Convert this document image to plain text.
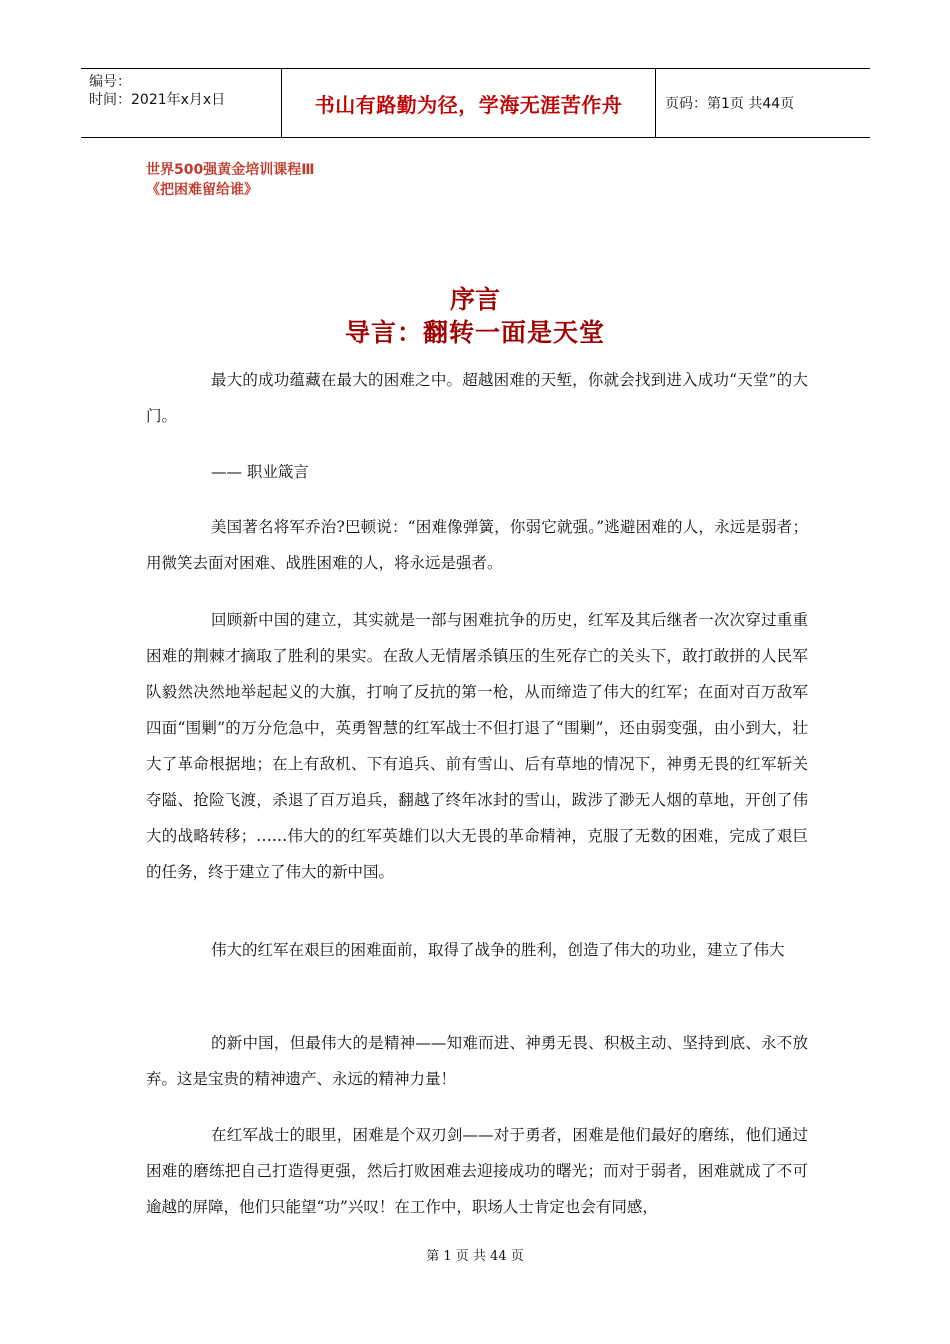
编号：
时间：2021年x月x日	书山有路勤为径，学海无涯苦作舟	页码：第1页 共44页
世界500强黄金培训课程Ⅲ
《把困难留给谁》
序言
导言：翻转一面是天堂
最大的成功蕴藏在最大的困难之中。超越困难的天堑，你就会找到进入成功“天堂”的大门。
—— 职业箴言
美国著名将军乔治?巴顿说：“困难像弹簧，你弱它就强。”逃避困难的人，永远是弱者；用微笑去面对困难、战胜困难的人，将永远是强者。
回顾新中国的建立，其实就是一部与困难抗争的历史，红军及其后继者一次次穿过重重困难的荆棘才摘取了胜利的果实。在敌人无情屠杀镇压的生死存亡的关头下，敢打敢拼的人民军队毅然决然地举起起义的大旗，打响了反抗的第一枪，从而缔造了伟大的红军；在面对百万敌军四面“围剿”的万分危急中，英勇智慧的红军战士不但打退了“围剿”，还由弱变强，由小到大，壮大了革命根据地；在上有敌机、下有追兵、前有雪山、后有草地的情况下，神勇无畏的红军斩关夺隘、抢险飞渡，杀退了百万追兵，翻越了终年冰封的雪山，跋涉了渺无人烟的草地，开创了伟大的战略转移；……伟大的的红军英雄们以大无畏的革命精神，克服了无数的困难，完成了艰巨的任务，终于建立了伟大的新中国。
伟大的红军在艰巨的困难面前，取得了战争的胜利，创造了伟大的功业，建立了伟大
的新中国，但最伟大的是精神——知难而进、神勇无畏、积极主动、坚持到底、永不放弃。这是宝贵的精神遗产、永远的精神力量！
在红军战士的眼里，困难是个双刃剑——对于勇者，困难是他们最好的磨练，他们通过困难的磨练把自己打造得更强，然后打败困难去迎接成功的曙光；而对于弱者，困难就成了不可逾越的屏障，他们只能望“功”兴叹！在工作中，职场人士肯定也会有同感，
第 1 页 共 44 页
